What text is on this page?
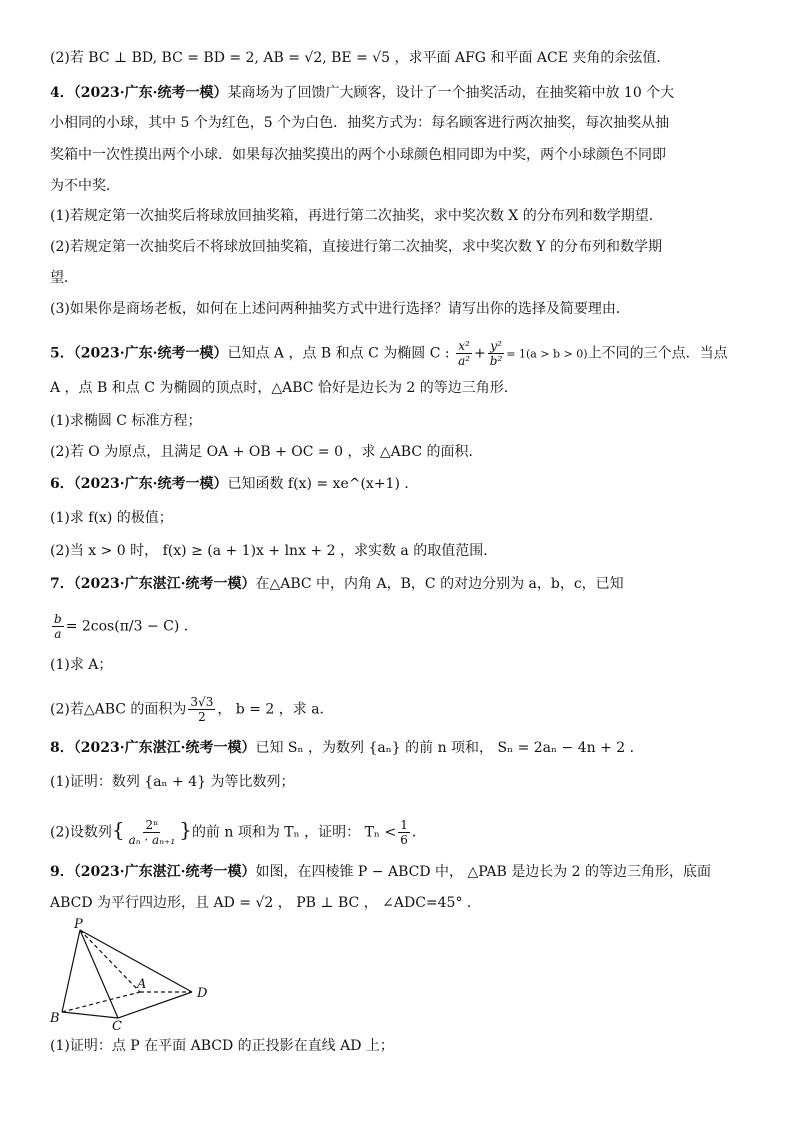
(2)若 BC ⊥ BD, BC = BD = 2, AB = √2, BE = √5 ，求平面 AFG 和平面 ACE 夹角的余弦值．
4．（2023·广东·统考一模）某商场为了回馈广大顾客，设计了一个抽奖活动，在抽奖箱中放 10 个大
小相同的小球，其中 5 个为红色，5 个为白色．抽奖方式为：每名顾客进行两次抽奖，每次抽奖从抽
奖箱中一次性摸出两个小球．如果每次抽奖摸出的两个小球颜色相同即为中奖，两个小球颜色不同即
为不中奖．
(1)若规定第一次抽奖后将球放回抽奖箱，再进行第二次抽奖，求中奖次数 X 的分布列和数学期望．
(2)若规定第一次抽奖后不将球放回抽奖箱，直接进行第二次抽奖，求中奖次数 Y 的分布列和数学期
望．
(3)如果你是商场老板，如何在上述问两种抽奖方式中进行选择？请写出你的选择及简要理由．
5．（2023·广东·统考一模）已知点 A ，点 B 和点 C 为椭圆 C : $\frac{\text{x²}}{\text{a²}} + \frac{\text{y²}}{\text{b²}} = 1(a > b > 0)$上不同的三个点．当点
A ，点 B 和点 C 为椭圆的顶点时，△ABC 恰好是边长为 2 的等边三角形．
(1)求椭圆 C 标准方程；
(2)若 O 为原点，且满足 OA + OB + OC = 0 ，求 △ABC 的面积．
6．（2023·广东·统考一模）已知函数 f(x) = xe^(x+1) ．
(1)求 f(x) 的极值；
(2)当 x > 0 时， f(x) ≥ (a + 1)x + lnx + 2 ，求实数 a 的取值范围．
7．（2023·广东湛江·统考一模）在△ABC 中，内角 A，B，C 的对边分别为 a，b，c，已知
$\frac{b}{a} = 2\cos(\pi/3 - C)$ ．
(1)求 A；
(2)若△ABC 的面积为 $\frac{3√3}{2}$ ， b = 2 ，求 a．
8．（2023·广东湛江·统考一模）已知 Sₙ ，为数列 {aₙ} 的前 n 项和， Sₙ = 2aₙ − 4n + 2 ．
(1)证明：数列 {aₙ + 4} 为等比数列；
(2)设数列{ $\frac{\text{2ⁿ}}{\text{aₙ · aₙ₊₁}}$ }的前 n 项和为 Tₙ ，证明： $T_n < \frac{1}{6}$ ．
9．（2023·广东湛江·统考一模）如图，在四棱锥 P − ABCD 中， △PAB 是边长为 2 的等边三角形，底面
ABCD 为平行四边形，且 AD = √2 ， PB ⊥ BC ， ∠ADC=45° ．
P
A
B
C
D
(1)证明：点 P 在平面 ABCD 的正投影在直线 AD 上；
